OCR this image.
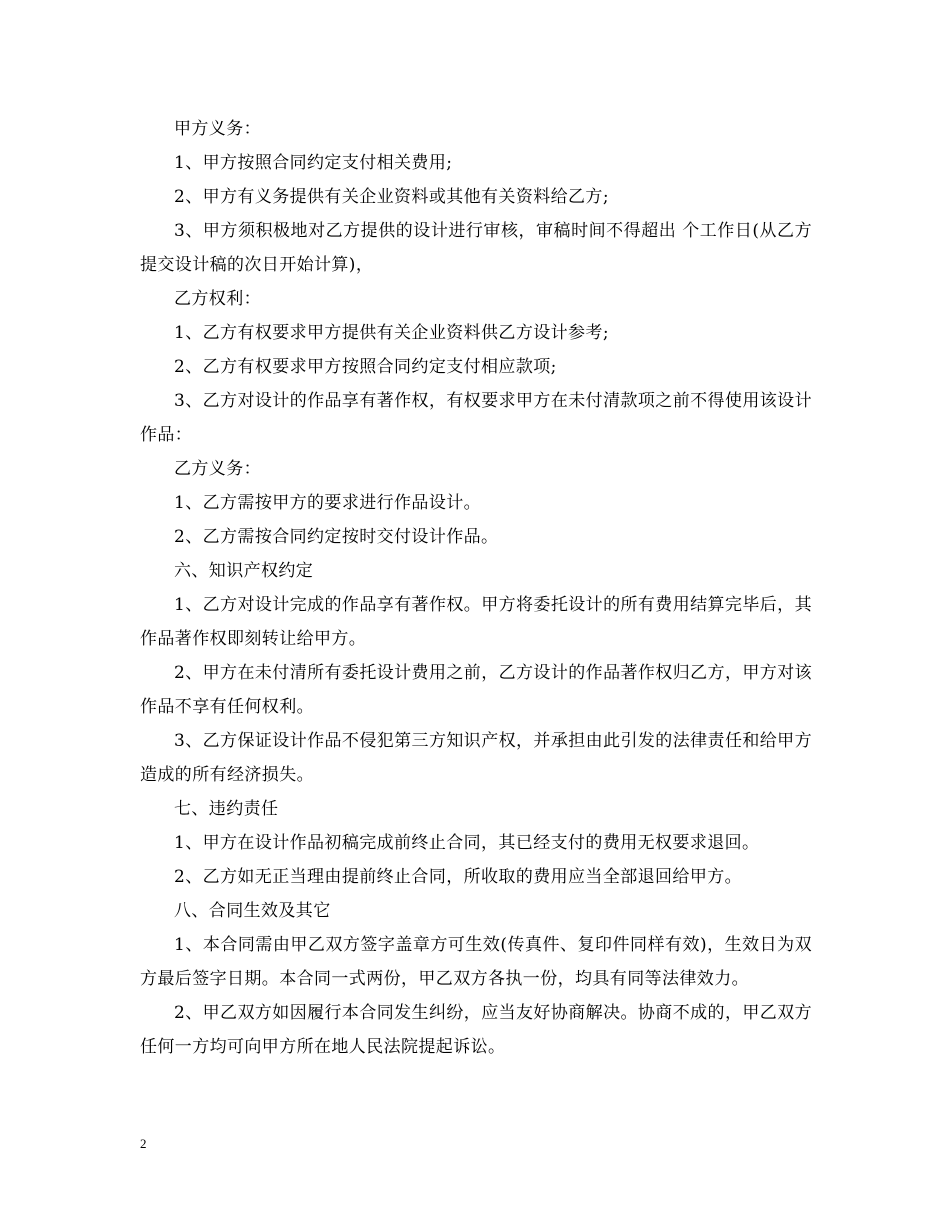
甲方义务：

1、甲方按照合同约定支付相关费用;

2、甲方有义务提供有关企业资料或其他有关资料给乙方;

3、甲方须积极地对乙方提供的设计进行审核，审稿时间不得超出 个工作日(从乙方提交设计稿的次日开始计算)，

乙方权利：

1、乙方有权要求甲方提供有关企业资料供乙方设计参考;

2、乙方有权要求甲方按照合同约定支付相应款项;

3、乙方对设计的作品享有著作权，有权要求甲方在未付清款项之前不得使用该设计作品：

乙方义务：

1、乙方需按甲方的要求进行作品设计。

2、乙方需按合同约定按时交付设计作品。

六、知识产权约定

1、乙方对设计完成的作品享有著作权。甲方将委托设计的所有费用结算完毕后，其作品著作权即刻转让给甲方。

2、甲方在未付清所有委托设计费用之前，乙方设计的作品著作权归乙方，甲方对该作品不享有任何权利。

3、乙方保证设计作品不侵犯第三方知识产权，并承担由此引发的法律责任和给甲方造成的所有经济损失。

七、违约责任

1、甲方在设计作品初稿完成前终止合同，其已经支付的费用无权要求退回。

2、乙方如无正当理由提前终止合同，所收取的费用应当全部退回给甲方。

八、合同生效及其它

1、本合同需由甲乙双方签字盖章方可生效(传真件、复印件同样有效)，生效日为双方最后签字日期。本合同一式两份，甲乙双方各执一份，均具有同等法律效力。

2、甲乙双方如因履行本合同发生纠纷，应当友好协商解决。协商不成的，甲乙双方任何一方均可向甲方所在地人民法院提起诉讼。

2
